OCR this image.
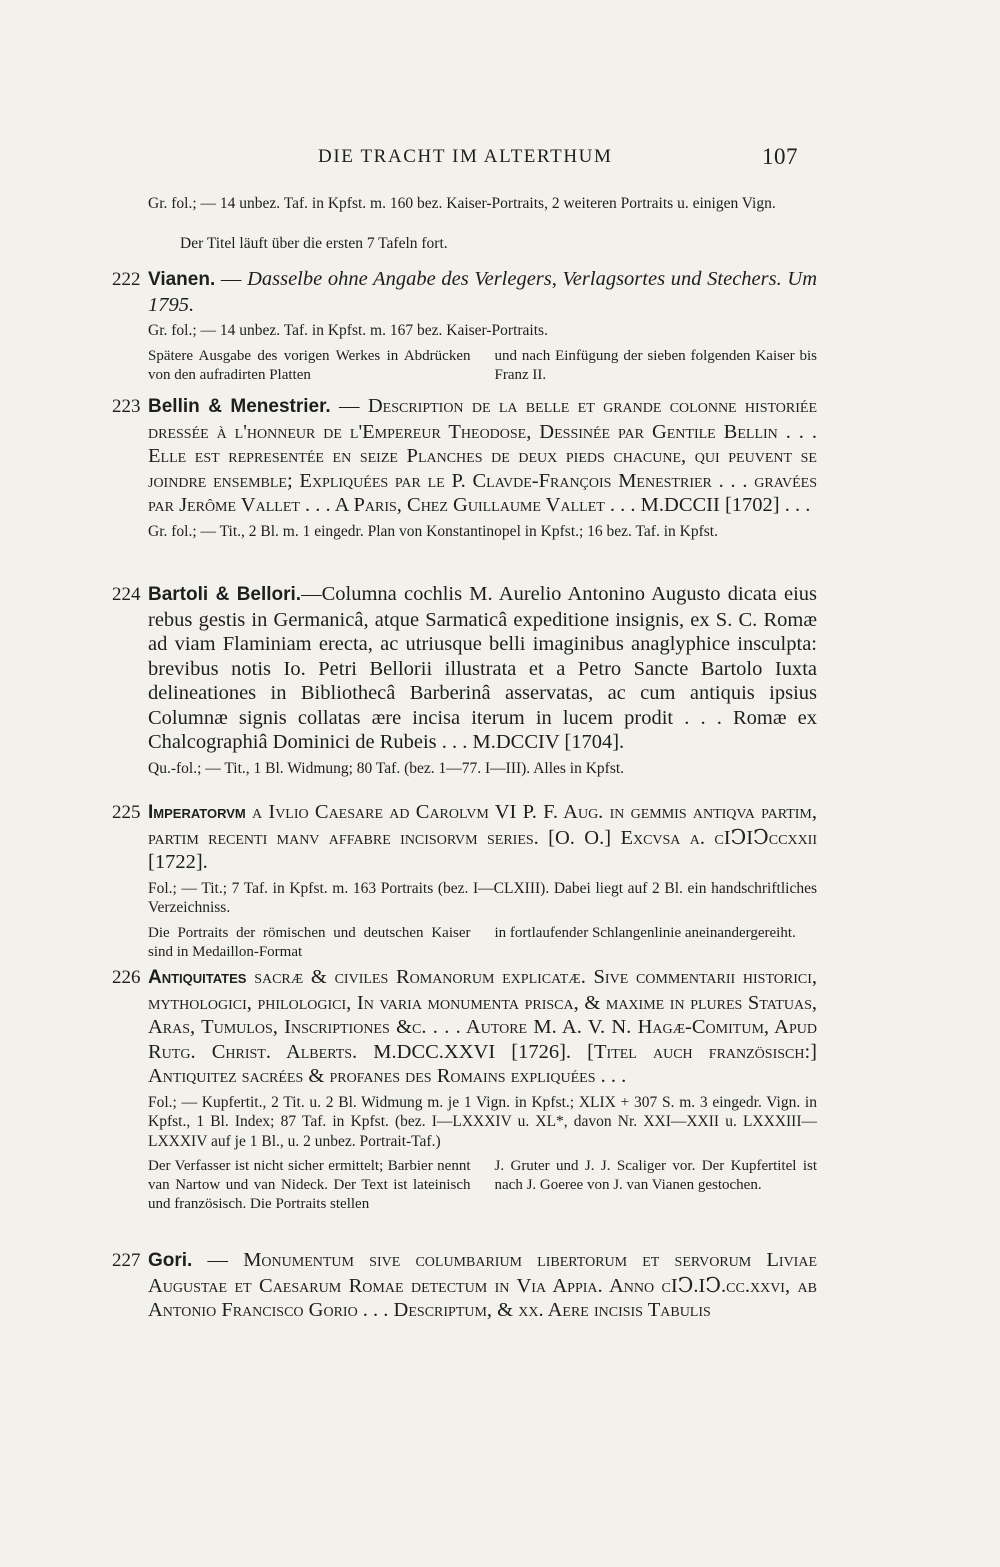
DIE TRACHT IM ALTERTHUM	107
Gr. fol.; — 14 unbez. Taf. in Kpfst. m. 160 bez. Kaiser-Portraits, 2 weiteren Portraits u. einigen Vign.
Der Titel läuft über die ersten 7 Tafeln fort.
222 Vianen. — Dasselbe ohne Angabe des Verlegers, Verlagsortes und Stechers. Um 1795.
Gr. fol.; — 14 unbez. Taf. in Kpfst. m. 167 bez. Kaiser-Portraits.
Spätere Ausgabe des vorigen Werkes in Abdrücken von den aufradirten Platten
und nach Einfügung der sieben folgenden Kaiser bis Franz II.
223 Bellin & Menestrier. — Description de la belle et grande colonne historiée dreſſée à l'honneur de l'Empereur Theodoſe, Deſſinée par Gentile Bellin . . . Elle eſt repreſentée en ſeize Planches de deux pieds chacune, qui peuvent ſe joindre enſemble; Expliquées par le P. Clavde-François Menestrier . . . gravées par Jerôme Vallet . . . A Paris, Chez Guillaume Vallet . . . M.DCCII [1702] . . .
Gr. fol.; — Tit., 2 Bl. m. 1 eingedr. Plan von Konstantinopel in Kpfst.; 16 bez. Taf. in Kpfst.
224 Bartoli & Bellori.—Columna cochlis M. Aurelio Antonino Augusto dicata eius rebus gestis in Germanicâ, atque Sarmaticâ expeditione insignis, ex S. C. Romæ ad viam Flaminiam erecta, ac utriusque belli imaginibus anaglyphice insculpta: brevibus notis Io. Petri Bellorii illustrata et a Petro Sancte Bartolo Iuxta delineationes in Bibliothecâ Barberinâ asservatas, ac cum antiquis ipsius Columnæ signis collatas ære incisa iterum in lucem prodit . . . Romæ ex Chalcographiâ Dominici de Rubeis . . . M.DCCIV [1704].
Qu.-fol.; — Tit., 1 Bl. Widmung; 80 Taf. (bez. 1—77. I—III). Alles in Kpfst.
225 Imperatorvm a Ivlio Caesare ad Carolvm VI P. F. Aug. in gemmis antiqva partim, partim recenti manv affabre incisorvm series. [O. O.] Excvsa a. cIↃIↃccxxii [1722].
Fol.; — Tit.; 7 Taf. in Kpfst. m. 163 Portraits (bez. I—CLXIII). Dabei liegt auf 2 Bl. ein handschriftliches Verzeichniss.
Die Portraits der römischen und deutschen Kaiser sind in Medaillon-Format
in fortlaufender Schlangenlinie aneinandergereiht.
226 Antiquitates sacræ & civiles Romanorum explicatæ. Sive commentarii historici, mythologici, philologici, In varia monumenta priſca, & maxime in plures Statuas, Aras, Tumulos, Inſcriptiones &c. . . . Autore M. A. V. N. Hagæ-Comitum, Apud Rutg. Christ. Alberts. M.DCC.XXVI [1726]. [Titel auch französisch:] Antiquitez sacrées & profanes des Romains expliquées . . .
Fol.; — Kupfertit., 2 Tit. u. 2 Bl. Widmung m. je 1 Vign. in Kpfst.; XLIX + 307 S. m. 3 eingedr. Vign. in Kpfst., 1 Bl. Index; 87 Taf. in Kpfst. (bez. I—LXXXIV u. XL*, davon Nr. XXI—XXII u. LXXXIII—LXXXIV auf je 1 Bl., u. 2 unbez. Portrait-Taf.)
Der Verfasser ist nicht sicher ermittelt; Barbier nennt van Nartow und van Nideck. Der Text ist lateinisch und französisch. Die Portraits stellen
J. Gruter und J. J. Scaliger vor. Der Kupfertitel ist nach J. Goeree von J. van Vianen gestochen.
227 Gori. — Monumentum sive columbarium libertorum et servorum Liviae Augustae et Caesarum Romae detectum in Via Appia. Anno cIↃ.IↃ.cc.xxvi, ab Antonio Francisco Gorio . . . Deſcriptum, & xx. Aere inciſis Tabulis
